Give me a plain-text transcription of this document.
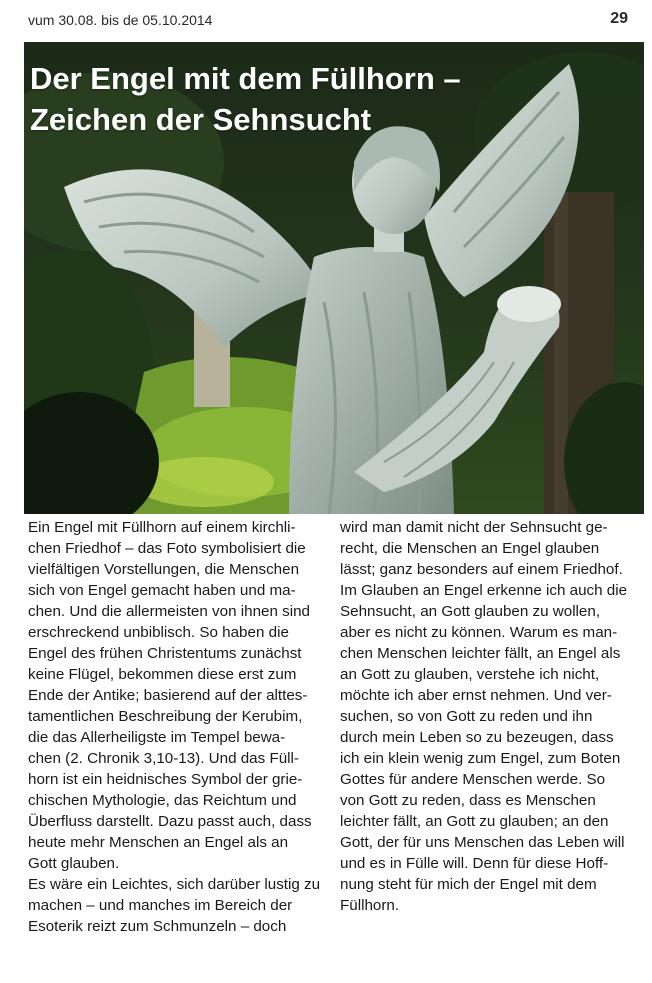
vum 30.08. bis de 05.10.2014	29
Der Engel mit dem Füllhorn –
Zeichen der Sehnsucht
Ein Engel mit Füllhorn auf einem kirchli-
chen Friedhof – das Foto symbolisiert die
vielfältigen Vorstellungen, die Menschen
sich von Engel gemacht haben und ma-
chen. Und die allermeisten von ihnen sind
erschreckend unbiblisch. So haben die
Engel des frühen Christentums zunächst
keine Flügel, bekommen diese erst zum
Ende der Antike; basierend auf der alttes-
tamentlichen Beschreibung der Kerubim,
die das Allerheiligste im Tempel bewa-
chen (2. Chronik 3,10-13). Und das Füll-
horn ist ein heidnisches Symbol der grie-
chischen Mythologie, das Reichtum und
Überfluss darstellt. Dazu passt auch, dass
heute mehr Menschen an Engel als an
Gott glauben.
Es wäre ein Leichtes, sich darüber lustig zu
machen – und manches im Bereich der
Esoterik reizt zum Schmunzeln – doch
wird man damit nicht der Sehnsucht ge-
recht, die Menschen an Engel glauben
lässt; ganz besonders auf einem Friedhof.
Im Glauben an Engel erkenne ich auch die
Sehnsucht, an Gott glauben zu wollen,
aber es nicht zu können. Warum es man-
chen Menschen leichter fällt, an Engel als
an Gott zu glauben, verstehe ich nicht,
möchte ich aber ernst nehmen. Und ver-
suchen, so von Gott zu reden und ihn
durch mein Leben so zu bezeugen, dass
ich ein klein wenig zum Engel, zum Boten
Gottes für andere Menschen werde. So
von Gott zu reden, dass es Menschen
leichter fällt, an Gott zu glauben; an den
Gott, der für uns Menschen das Leben will
und es in Fülle will. Denn für diese Hoff-
nung steht für mich der Engel mit dem
Füllhorn.
